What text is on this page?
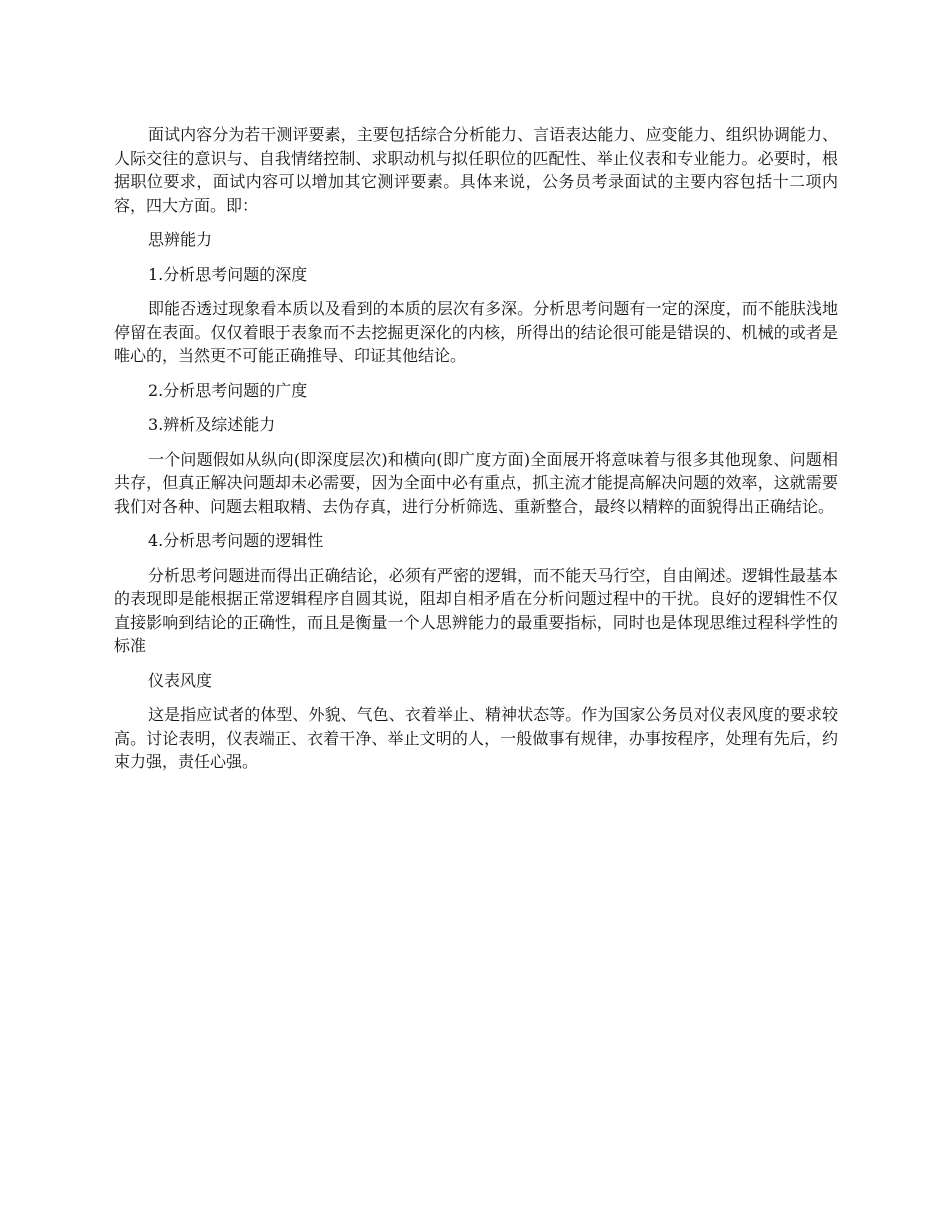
面试内容分为若干测评要素，主要包括综合分析能力、言语表达能力、应变能力、组织协调能力、人际交往的意识与、自我情绪控制、求职动机与拟任职位的匹配性、举止仪表和专业能力。必要时，根据职位要求，面试内容可以增加其它测评要素。具体来说，公务员考录面试的主要内容包括十二项内容，四大方面。即：

思辨能力

1.分析思考问题的深度

即能否透过现象看本质以及看到的本质的层次有多深。分析思考问题有一定的深度，而不能肤浅地停留在表面。仅仅着眼于表象而不去挖掘更深化的内核，所得出的结论很可能是错误的、机械的或者是唯心的，当然更不可能正确推导、印证其他结论。

2.分析思考问题的广度

3.辨析及综述能力

一个问题假如从纵向(即深度层次)和横向(即广度方面)全面展开将意味着与很多其他现象、问题相共存，但真正解决问题却未必需要，因为全面中必有重点，抓主流才能提高解决问题的效率，这就需要我们对各种、问题去粗取精、去伪存真，进行分析筛选、重新整合，最终以精粹的面貌得出正确结论。

4.分析思考问题的逻辑性

分析思考问题进而得出正确结论，必须有严密的逻辑，而不能天马行空，自由阐述。逻辑性最基本的表现即是能根据正常逻辑程序自圆其说，阻却自相矛盾在分析问题过程中的干扰。良好的逻辑性不仅直接影响到结论的正确性，而且是衡量一个人思辨能力的最重要指标，同时也是体现思维过程科学性的标准

仪表风度

这是指应试者的体型、外貌、气色、衣着举止、精神状态等。作为国家公务员对仪表风度的要求较高。讨论表明，仪表端正、衣着干净、举止文明的人，一般做事有规律，办事按程序，处理有先后，约束力强，责任心强。
